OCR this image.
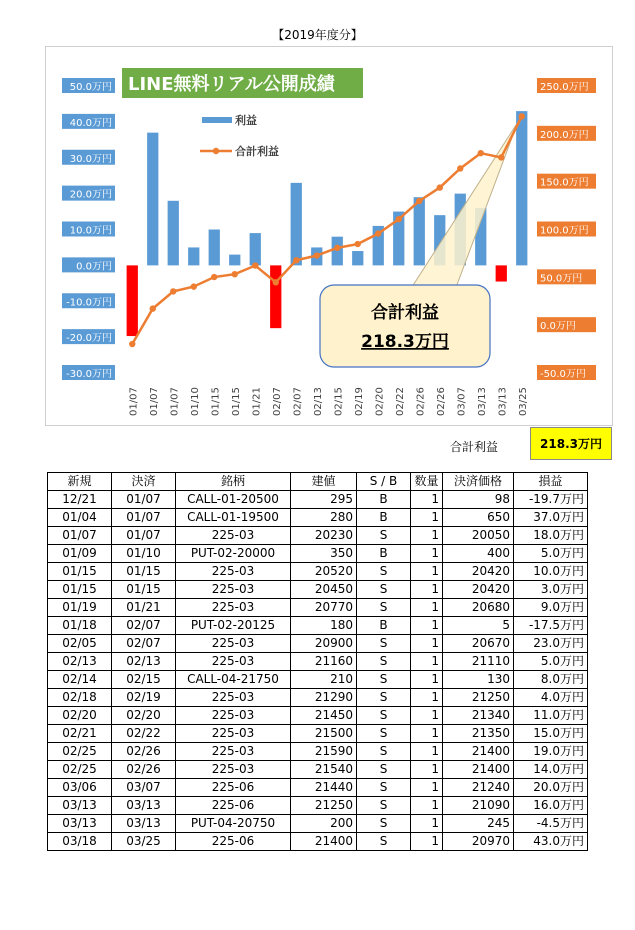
【2019年度分】
50.0万円
40.0万円
30.0万円
20.0万円
10.0万円
0.0万円
-10.0万円
-20.0万円
-30.0万円
250.0万円
200.0万円
150.0万円
100.0万円
50.0万円
0.0万円
-50.0万円
01/07 01/07 01/07 01/10 01/15 01/15 01/21 02/07 02/07 02/13 02/15 02/19 02/20 02/22 02/26 02/26 03/07 03/13 03/13 03/25
LINE無料リアル公開成績
利益
合計利益
合計利益
218.3万円
合計利益	218.3万円
新規	決済	銘柄	建値	S / B	数量	決済価格	損益
12/21	01/07	CALL-01-20500	295	B	1	98	-19.7万円
01/04	01/07	CALL-01-19500	280	B	1	650	37.0万円
01/07	01/07	225-03	20230	S	1	20050	18.0万円
01/09	01/10	PUT-02-20000	350	B	1	400	5.0万円
01/15	01/15	225-03	20520	S	1	20420	10.0万円
01/15	01/15	225-03	20450	S	1	20420	3.0万円
01/19	01/21	225-03	20770	S	1	20680	9.0万円
01/18	02/07	PUT-02-20125	180	B	1	5	-17.5万円
02/05	02/07	225-03	20900	S	1	20670	23.0万円
02/13	02/13	225-03	21160	S	1	21110	5.0万円
02/14	02/15	CALL-04-21750	210	S	1	130	8.0万円
02/18	02/19	225-03	21290	S	1	21250	4.0万円
02/20	02/20	225-03	21450	S	1	21340	11.0万円
02/21	02/22	225-03	21500	S	1	21350	15.0万円
02/25	02/26	225-03	21590	S	1	21400	19.0万円
02/25	02/26	225-03	21540	S	1	21400	14.0万円
03/06	03/07	225-06	21440	S	1	21240	20.0万円
03/13	03/13	225-06	21250	S	1	21090	16.0万円
03/13	03/13	PUT-04-20750	200	S	1	245	-4.5万円
03/18	03/25	225-06	21400	S	1	20970	43.0万円
